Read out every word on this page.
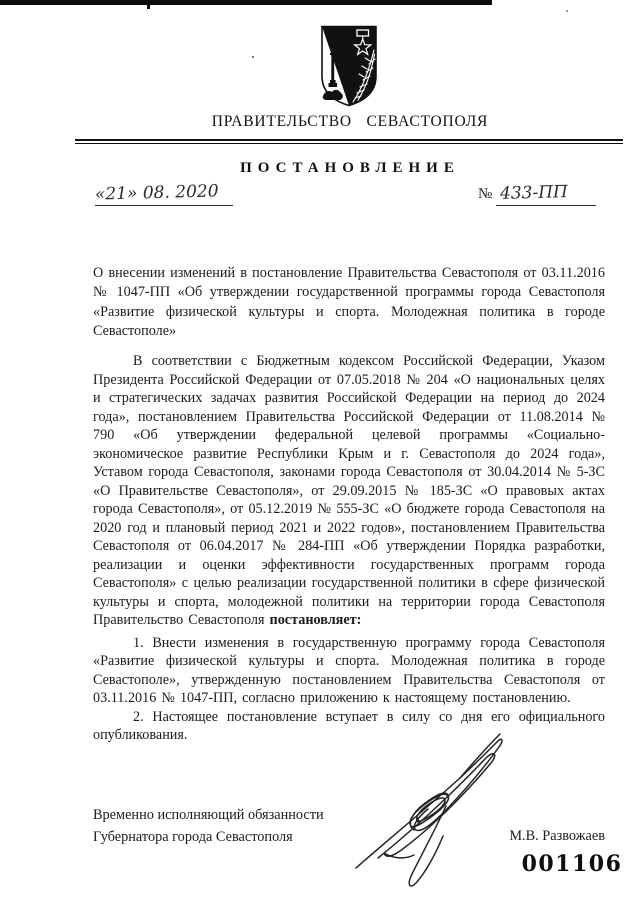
ПРАВИТЕЛЬСТВО СЕВАСТОПОЛЯ
ПОСТАНОВЛЕНИЕ
«21» 08. 2020	№ 433-ПП
О внесении изменений в постановление Правительства Севастополя от 03.11.2016 № 1047-ПП «Об утверждении государственной программы города Севастополя «Развитие физической культуры и спорта. Молодежная политика в городе Севастополе»

В соответствии с Бюджетным кодексом Российской Федерации, Указом Президента Российской Федерации от 07.05.2018 № 204 «О национальных целях и стратегических задачах развития Российской Федерации на период до 2024 года», постановлением Правительства Российской Федерации от 11.08.2014 № 790 «Об утверждении федеральной целевой программы «Социально-экономическое развитие Республики Крым и г. Севастополя до 2024 года», Уставом города Севастополя, законами города Севастополя от 30.04.2014 № 5-ЗС «О Правительстве Севастополя», от 29.09.2015 № 185-ЗС «О правовых актах города Севастополя», от 05.12.2019 № 555-ЗС «О бюджете города Севастополя на 2020 год и плановый период 2021 и 2022 годов», постановлением Правительства Севастополя от 06.04.2017 № 284-ПП «Об утверждении Порядка разработки, реализации и оценки эффективности государственных программ города Севастополя» с целью реализации государственной политики в сфере физической культуры и спорта, молодежной политики на территории города Севастополя Правительство Севастополя постановляет:

1. Внести изменения в государственную программу города Севастополя «Развитие физической культуры и спорта. Молодежная политика в городе Севастополе», утвержденную постановлением Правительства Севастополя от 03.11.2016 № 1047-ПП, согласно приложению к настоящему постановлению.

2. Настоящее постановление вступает в силу со дня его официального опубликования.

Временно исполняющий обязанности
Губернатора города Севастополя	М.В. Развожаев
001106
